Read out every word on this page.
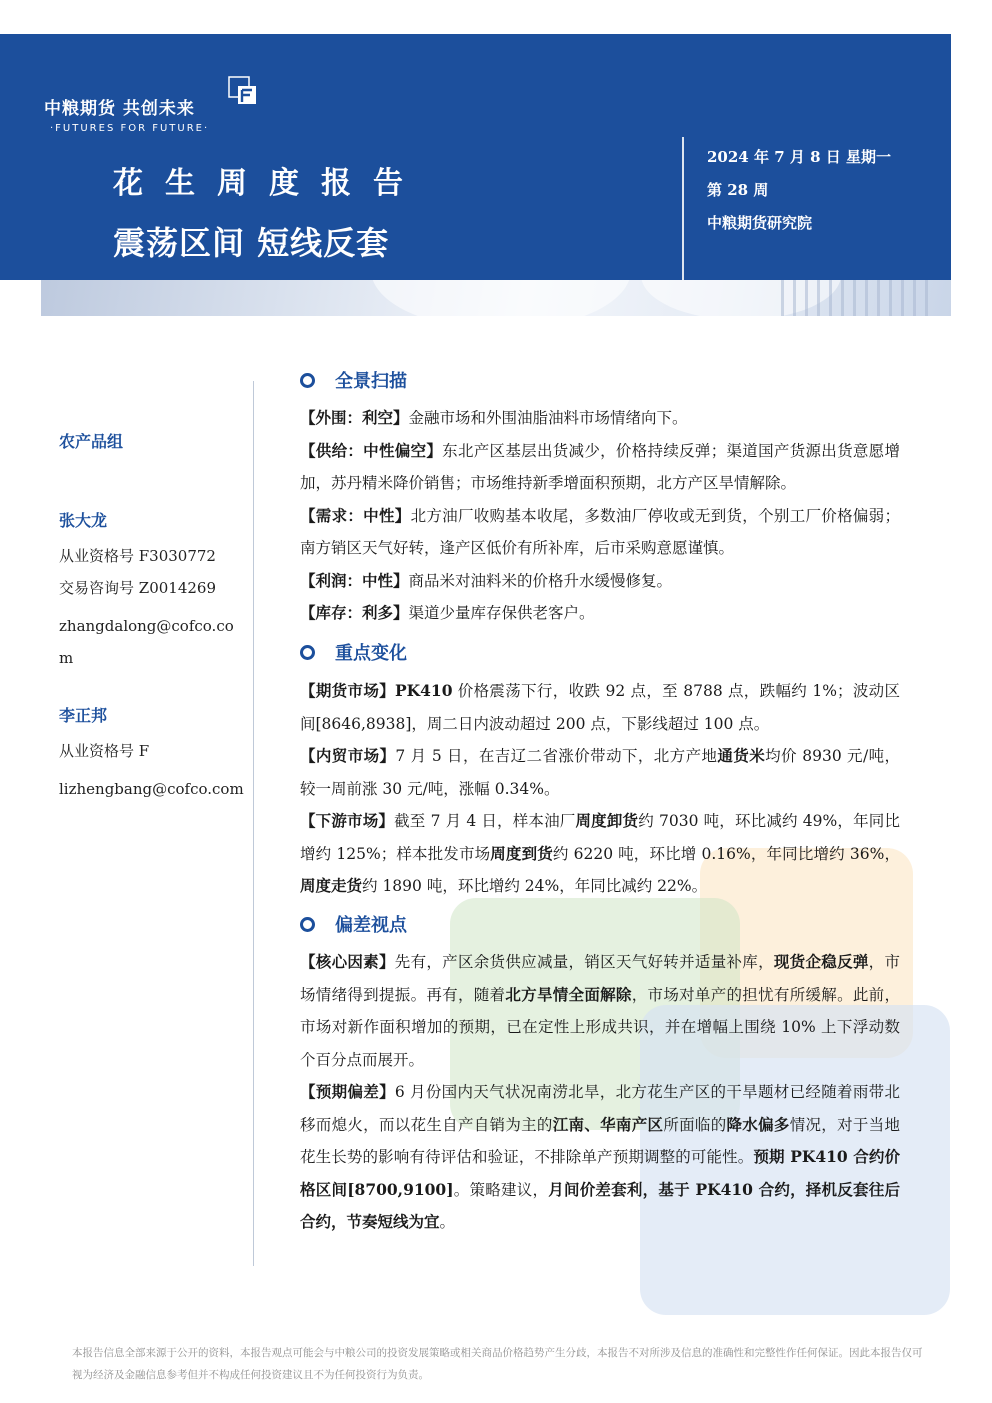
中粮期货 共创未来
·FUTURES FOR FUTURE·
花生周度报告
震荡区间 短线反套
2024 年 7 月 8 日 星期一
第 28 周
中粮期货研究院
农产品组
张大龙
从业资格号 F3030772
交易咨询号 Z0014269
zhangdalong@cofco.com
李正邦
从业资格号 F
lizhengbang@cofco.com
全景扫描
【外围：利空】金融市场和外围油脂油料市场情绪向下。
【供给：中性偏空】东北产区基层出货减少，价格持续反弹；渠道国产货源出货意愿增加，苏丹精米降价销售；市场维持新季增面积预期，北方产区旱情解除。
【需求：中性】北方油厂收购基本收尾，多数油厂停收或无到货，个别工厂价格偏弱；南方销区天气好转，逢产区低价有所补库，后市采购意愿谨慎。
【利润：中性】商品米对油料米的价格升水缓慢修复。
【库存：利多】渠道少量库存保供老客户。
重点变化
【期货市场】PK410 价格震荡下行，收跌 92 点，至 8788 点，跌幅约 1%；波动区间[8646,8938]，周二日内波动超过 200 点，下影线超过 100 点。
【内贸市场】7 月 5 日，在吉辽二省涨价带动下，北方产地通货米均价 8930 元/吨，较一周前涨 30 元/吨，涨幅 0.34%。
【下游市场】截至 7 月 4 日，样本油厂周度卸货约 7030 吨，环比减约 49%，年同比增约 125%；样本批发市场周度到货约 6220 吨，环比增 0.16%，年同比增约 36%，周度走货约 1890 吨，环比增约 24%，年同比减约 22%。
偏差视点
【核心因素】先有，产区余货供应减量，销区天气好转并适量补库，现货企稳反弹，市场情绪得到提振。再有，随着北方旱情全面解除，市场对单产的担忧有所缓解。此前，市场对新作面积增加的预期，已在定性上形成共识，并在增幅上围绕 10% 上下浮动数个百分点而展开。
【预期偏差】6 月份国内天气状况南涝北旱，北方花生产区的干旱题材已经随着雨带北移而熄火，而以花生自产自销为主的江南、华南产区所面临的降水偏多情况，对于当地花生长势的影响有待评估和验证，不排除单产预期调整的可能性。预期 PK410 合约价格区间[8700,9100]。策略建议，月间价差套利，基于 PK410 合约，择机反套往后合约，节奏短线为宜。
本报告信息全部来源于公开的资料，本报告观点可能会与中粮公司的投资发展策略或相关商品价格趋势产生分歧，本报告不对所涉及信息的准确性和完整性作任何保证。因此本报告仅可视为经济及金融信息参考但并不构成任何投资建议且不为任何投资行为负责。
